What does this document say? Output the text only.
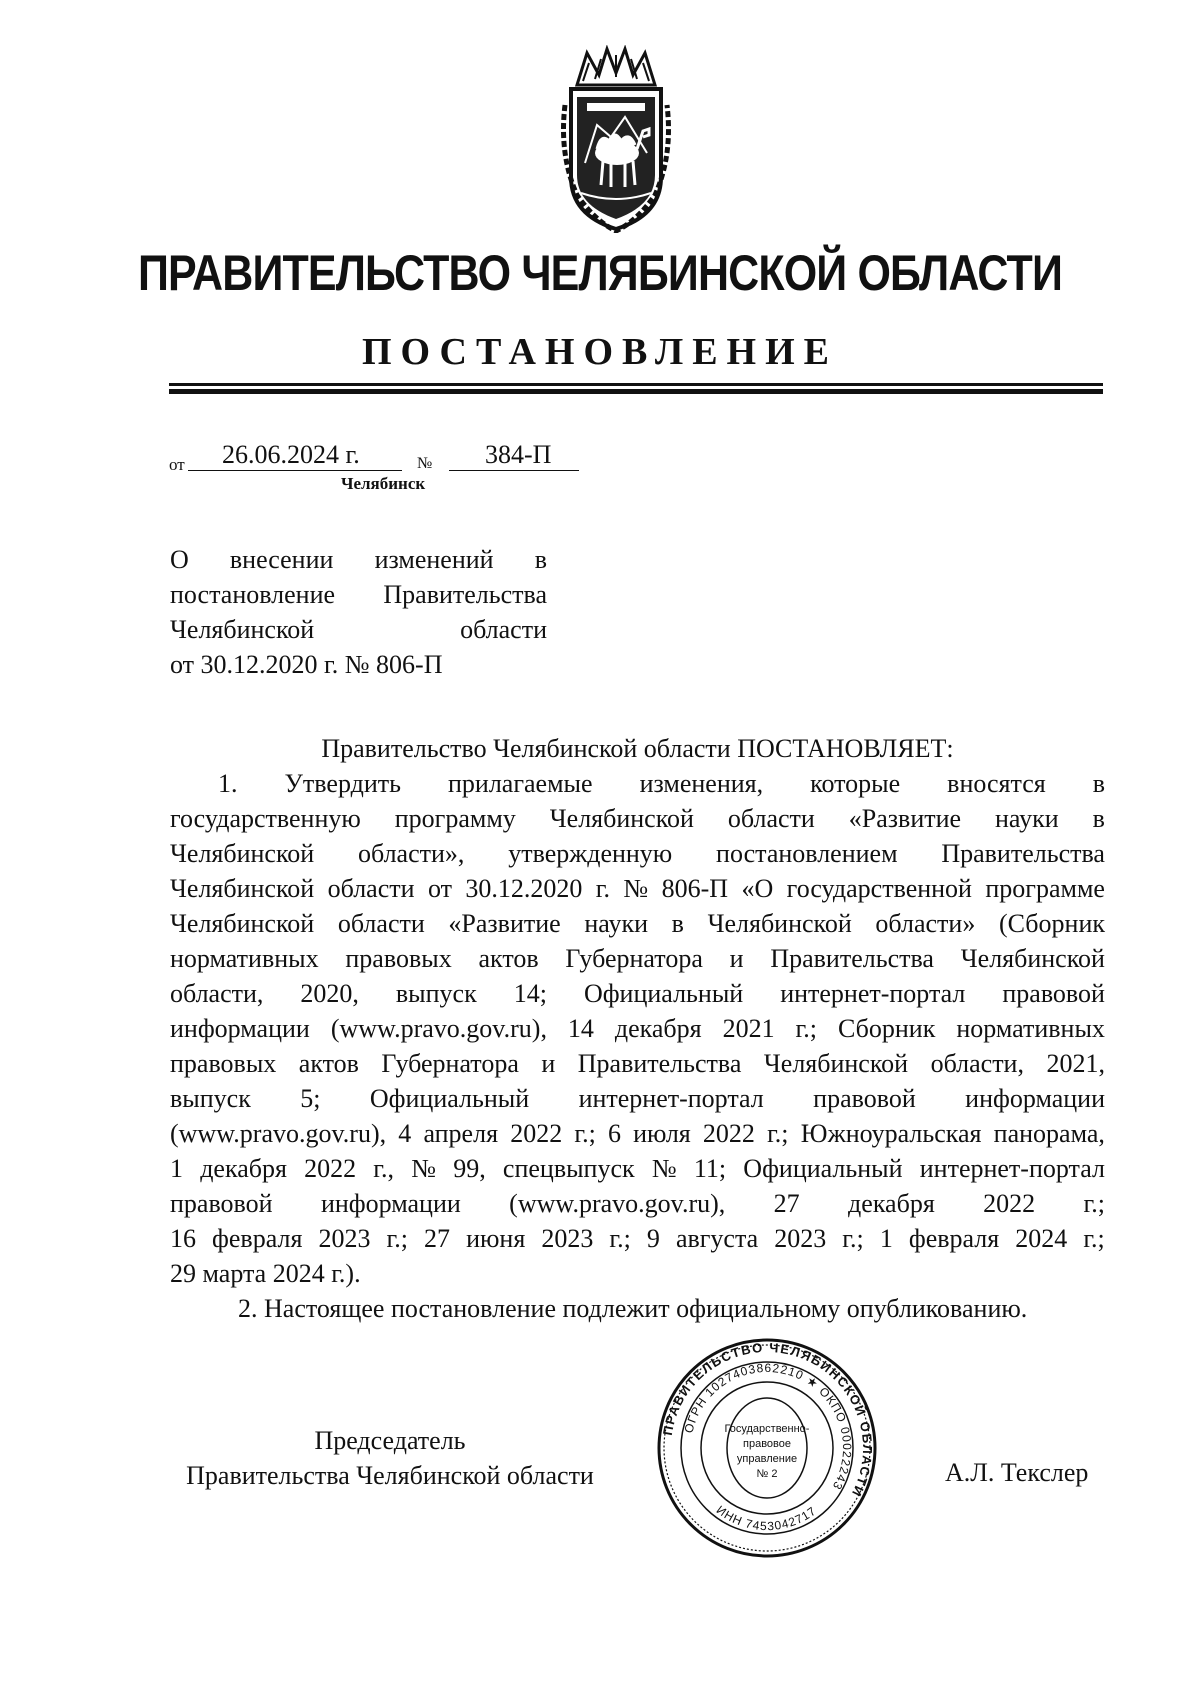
ПРАВИТЕЛЬСТВО ЧЕЛЯБИНСКОЙ ОБЛАСТИ
ПОСТАНОВЛЕНИЕ
от 26.06.2024 г.	№ 384-П
Челябинск
О внесении изменений в
постановление Правительства
Челябинской	области
от 30.12.2020 г. № 806-П
Правительство Челябинской области ПОСТАНОВЛЯЕТ:
1. Утвердить прилагаемые изменения, которые вносятся в
государственную программу Челябинской области «Развитие науки в
Челябинской области», утвержденную постановлением Правительства
Челябинской области от 30.12.2020 г. № 806-П «О государственной программе
Челябинской области «Развитие науки в Челябинской области» (Сборник
нормативных правовых актов Губернатора и Правительства Челябинской
области, 2020, выпуск 14; Официальный интернет-портал правовой
информации (www.pravo.gov.ru), 14 декабря 2021 г.; Сборник нормативных
правовых актов Губернатора и Правительства Челябинской области, 2021,
выпуск 5; Официальный интернет-портал правовой информации
(www.pravo.gov.ru), 4 апреля 2022 г.; 6 июля 2022 г.; Южноуральская панорама,
1 декабря 2022 г., № 99, спецвыпуск № 11; Официальный интернет-портал
правовой информации (www.pravo.gov.ru), 27 декабря 2022 г.;
16 февраля 2023 г.; 27 июня 2023 г.; 9 августа 2023 г.; 1 февраля 2024 г.;
29 марта 2024 г.).
2. Настоящее постановление подлежит официальному опубликованию.
Председатель
Правительства Челябинской области	А.Л. Текслер
ПРАВИТЕЛЬСТВО ЧЕЛЯБИНСКОЙ ОБЛАСТИ
ОГРН 1027403862210 ★ ОКПО 00022243
ИНН 7453042717
Государственно-
правовое
управление
№ 2
